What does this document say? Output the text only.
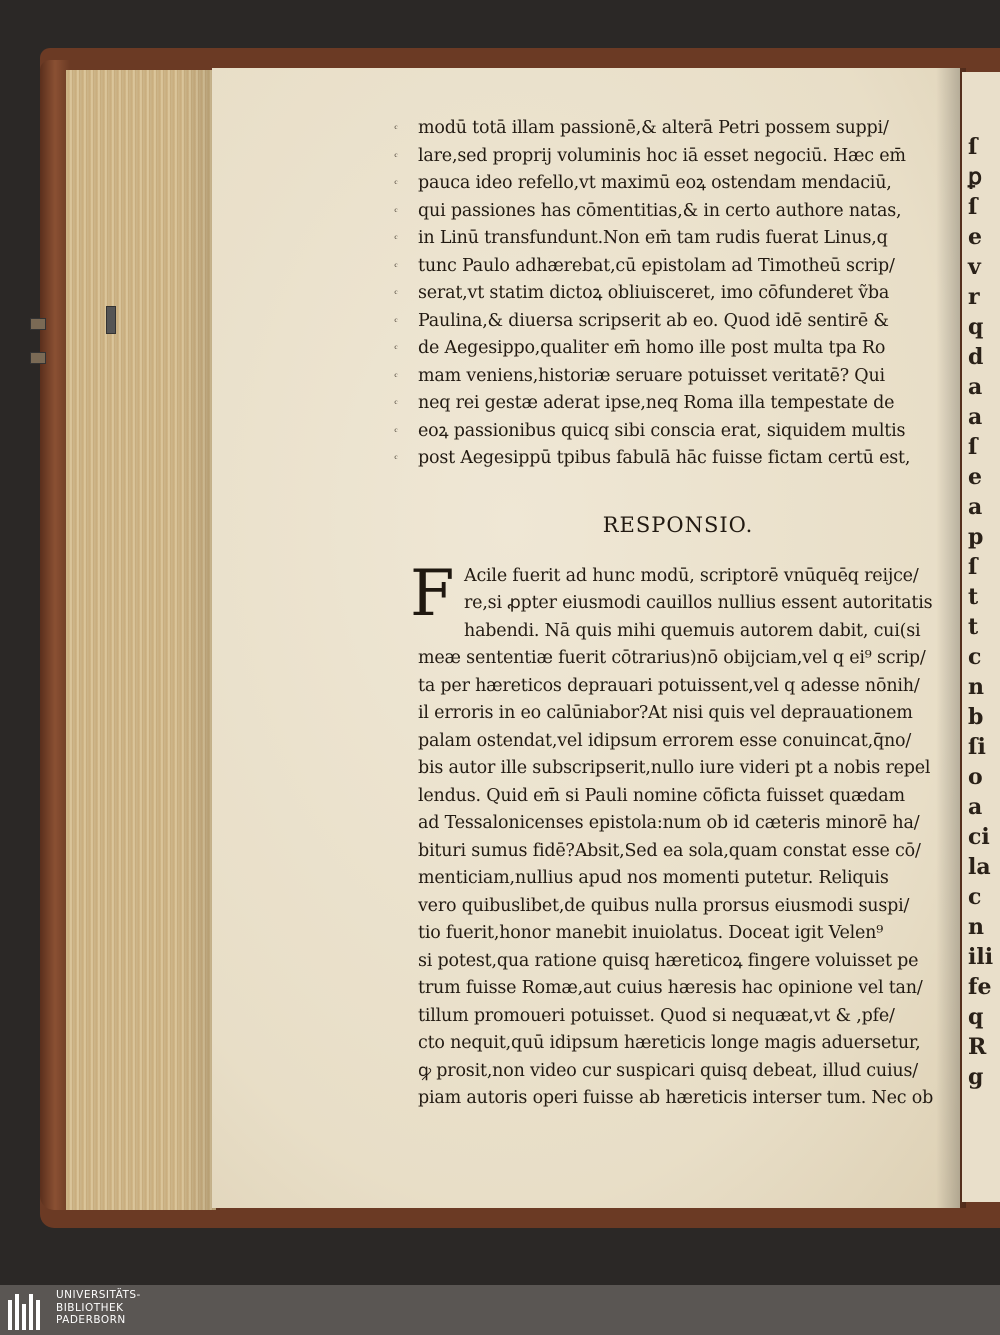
ſ
ꝑ
ſ
e
v
r
q
d
a
a
ſ
e
a
p
ſ
t
t
c
n
b
ſi
o
a
ci
la
c
n
ili
fe
q
R
g
modū totā illam passionē,& alterā Petri possem suppi/
lare,sed proprij voluminis hoc iā esset negociū. Hæc em̄
pauca ideo refello,vt maximū eoꝝ ostendam mendaciū,
qui passiones has cōmentitias,& in certo authore natas,
in Linū transfundunt.Non em̄ tam rudis fuerat Linus,q
tunc Paulo adhærebat,cū epistolam ad Timotheū scrip/
serat,vt statim dictoꝝ obliuisceret, imo cōfunderet ṽba
Paulina,& diuersa scripserit ab eo. Quod idē sentirē &
de Aegesippo,qualiter em̄ homo ille post multa tpa Ro
mam veniens,historiæ seruare potuisset veritatē? Qui
neq rei gestæ aderat ipse,neq Roma illa tempestate de
eoꝝ passionibus quicq sibi conscia erat, siquidem multis
post Aegesippū tpibus fabulā hāc fuisse fictam certū est,
RESPONSIO.
F Acile fuerit ad hunc modū, scriptorē vnūquēq reijce/
re,si ꝓpter eiusmodi cauillos nullius essent autoritatis
habendi. Nā quis mihi quemuis autorem dabit, cui(si
meæ sententiæ fuerit cōtrarius)nō obijciam,vel q ei⁹ scrip/
ta per hæreticos deprauari potuissent,vel q adesse nōnih/
il erroris in eo calūniabor?At nisi quis vel deprauationem
palam ostendat,vel idipsum errorem esse conuincat,q̄no/
bis autor ille subscripserit,nullo iure videri pt a nobis repel
lendus. Quid em̄ si Pauli nomine cōficta fuisset quædam
ad Tessalonicenses epistola:num ob id cæteris minorē ha/
bituri sumus fidē?Absit,Sed ea sola,quam constat esse cō/
menticiam,nullius apud nos momenti putetur. Reliquis
vero quibuslibet,de quibus nulla prorsus eiusmodi suspi/
tio fuerit,honor manebit inuiolatus. Doceat igit Velen⁹
si potest,qua ratione quisq hæreticoꝝ fingere voluisset pe
trum fuisse Romæ,aut cuius hæresis hac opinione vel tan/
tillum promoueri potuisset. Quod si nequæat,vt & ,pfe/
cto nequit,quū idipsum hæreticis longe magis aduersetur,
ꝙ prosit,non video cur suspicari quisq debeat, illud cuius/
piam autoris operi fuisse ab hæreticis interser tum. Nec ob
UNIVERSITÄTS-
BIBLIOTHEK
PADERBORN
